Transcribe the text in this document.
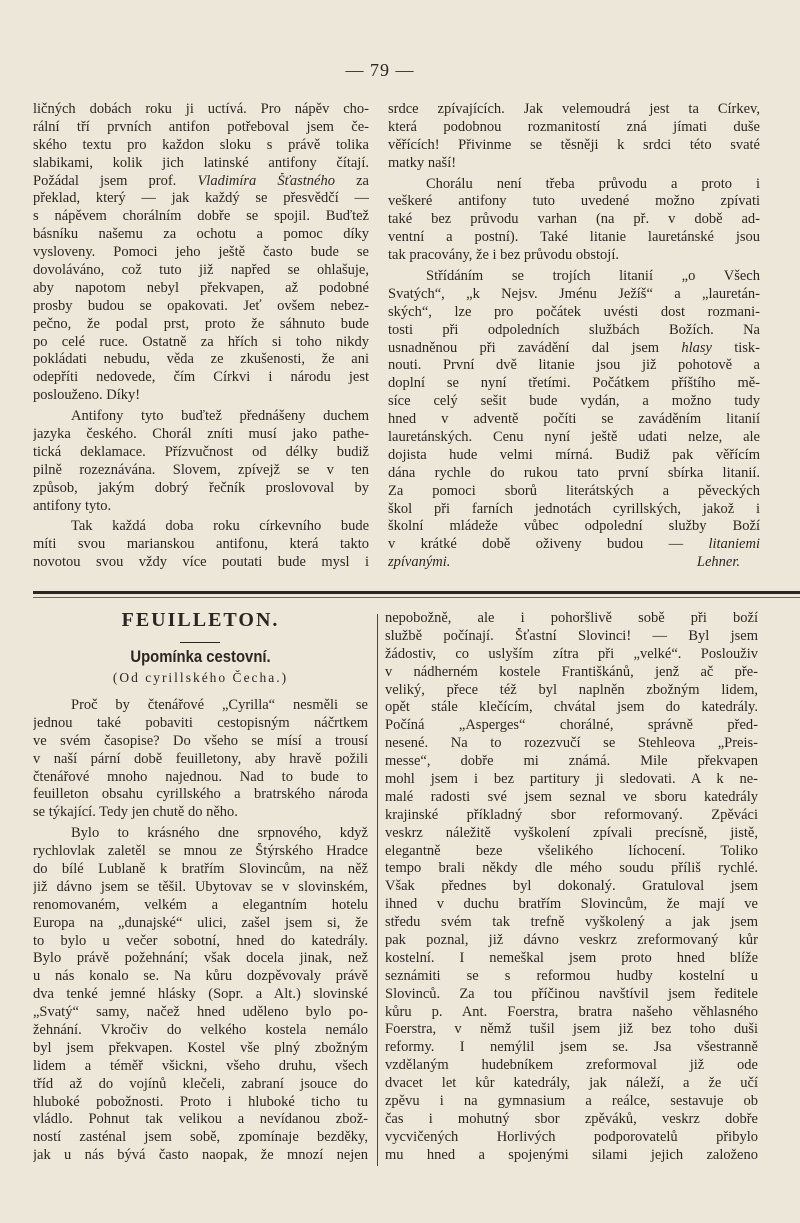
— 79 —
ličných dobách roku ji uctívá. Pro nápěv cho-
rální tří prvních antifon potřeboval jsem če-
ského textu pro každon sloku s právě tolika
slabikami, kolik jich latinské antifony čítají.
Požádal jsem prof. Vladimíra Šťastného za
překlad, který — jak každý se přesvědčí —
s nápěvem chorálním dobře se spojil. Buďtež
básníku našemu za ochotu a pomoc díky
vysloveny. Pomoci jeho ještě často bude se
dovoláváno, což tuto již napřed se ohlašuje,
aby napotom nebyl překvapen, až podobné
prosby budou se opakovati. Jeť ovšem nebez-
pečno, že podal prst, proto že sáhnuto bude
po celé ruce. Ostatně za hřích si toho nikdy
pokládati nebudu, věda ze zkušenosti, že ani
odepříti nedovede, čím Církvi i národu jest
poslouženo. Díky!
Antifony tyto buďtež přednášeny duchem
jazyka českého. Chorál zníti musí jako pathe-
tická deklamace. Přízvučnost od délky budiž
pilně rozeznávána. Slovem, zpívejž se v ten
způsob, jakým dobrý řečník proslovoval by
antifony tyto.
Tak každá doba roku církevního bude
míti svou marianskou antifonu, která takto
novotou svou vždy více poutati bude mysl i
srdce zpívajících. Jak velemoudrá jest ta Církev,
která podobnou rozmanitostí zná jímati duše
věřících! Přivinme se těsněji k srdci této svaté
matky naší!
Chorálu není třeba průvodu a proto i
veškeré antifony tuto uvedené možno zpívati
také bez průvodu varhan (na př. v době ad-
ventní a postní). Také litanie lauretánské jsou
tak pracovány, že i bez průvodu obstojí.
Střídáním se trojích litanií „o Všech
Svatých“, „k Nejsv. Jménu Ježíš“ a „lauretán-
ských“, lze pro počátek uvésti dost rozmani-
tosti při odpoledních službách Božích. Na
usnadněnou při zavádění dal jsem hlasy tisk-
nouti. První dvě litanie jsou již pohotově a
doplní se nyní třetími. Počátkem příštího mě-
síce celý sešit bude vydán, a možno tudy
hned v adventě počíti se zaváděním litanií
lauretánských. Cenu nyní ještě udati nelze, ale
dojista hude velmi mírná. Budiž pak věřícím
dána rychle do rukou tato první sbírka litanií.
Za pomoci sborů literátských a pěveckých
škol při farních jednotách cyrillských, jakož i
školní mládeže vůbec odpolední služby Boží
v krátké době oživeny budou — litaniemi
zpívanými.	Lehner.
FEUILLETON.
Upomínka cestovní.
(Od cyrillského Čecha.)
Proč by čtenářové „Cyrilla“ nesměli se
jednou také pobaviti cestopisným náčrtkem
ve svém časopise? Do všeho se mísí a trousí
v naší pární době feuilletony, aby hravě požili
čtenářové mnoho najednou. Nad to bude to
feuilleton obsahu cyrillského a bratrského národa
se týkající. Tedy jen chutě do něho.
Bylo to krásného dne srpnového, když
rychlovlak zaletěl se mnou ze Štýrského Hradce
do bílé Lublaně k bratřím Slovincům, na něž
již dávno jsem se těšil. Ubytovav se v slovinském,
renomovaném, velkém a elegantním hotelu
Europa na „dunajské“ ulici, zašel jsem si, že
to bylo u večer sobotní, hned do katedrály.
Bylo právě požehnání; však docela jinak, než
u nás konalo se. Na kůru dozpěvovaly právě
dva tenké jemné hlásky (Sopr. a Alt.) slovinské
„Svatý“ samy, načež hned uděleno bylo po-
žehnání. Vkročiv do velkého kostela nemálo
byl jsem překvapen. Kostel vše plný zbožným
lidem a téměř všickni, všeho druhu, všech
tříd až do vojínů klečeli, zabraní jsouce do
hluboké pobožnosti. Proto i hluboké ticho tu
vládlo. Pohnut tak velikou a nevídanou zbož-
ností zasténal jsem sobě, zpomínaje bezděky,
jak u nás bývá často naopak, že mnozí nejen
nepobožně, ale i pohoršlivě sobě při boží
službě počínají. Šťastní Slovinci! — Byl jsem
žádostiv, co uslyším zítra při „velké“. Poslouživ
v nádherném kostele Františkánů, jenž ač pře-
veliký, přece též byl naplněn zbožným lidem,
opět stále klečícím, chvátal jsem do katedrály.
Počíná „Asperges“ chorálné, správně před-
nesené. Na to rozezvučí se Stehleova „Preis-
messe“, dobře mi známá. Mile překvapen
mohl jsem i bez partitury ji sledovati. A k ne-
malé radosti své jsem seznal ve sboru katedrály
krajinské příkladný sbor reformovaný. Zpěváci
veskrz náležitě vyškolení zpívali precísně, jistě,
elegantně beze všelikého líchocení. Toliko
tempo brali někdy dle mého soudu příliš rychlé.
Však přednes byl dokonalý. Gratuloval jsem
ihned v duchu bratřím Slovincům, že mají ve
středu svém tak trefně vyškolený a jak jsem
pak poznal, již dávno veskrz zreformovaný kůr
kostelní. I nemeškal jsem proto hned blíže
seznámiti se s reformou hudby kostelní u
Slovinců. Za tou příčinou navštívil jsem ředitele
kůru p. Ant. Foerstra, bratra našeho věhlasného
Foerstra, v němž tušil jsem již bez toho duši
reformy. I nemýlil jsem se. Jsa všestranně
vzdělaným hudebníkem zreformoval již ode
dvacet let kůr katedrály, jak náleží, a že učí
zpěvu i na gymnasium a reálce, sestavuje ob
čas i mohutný sbor zpěváků, veskrz dobře
vycvičených Horlivých podporovatelů přibylo
mu hned a spojenými silami jejich založeno
